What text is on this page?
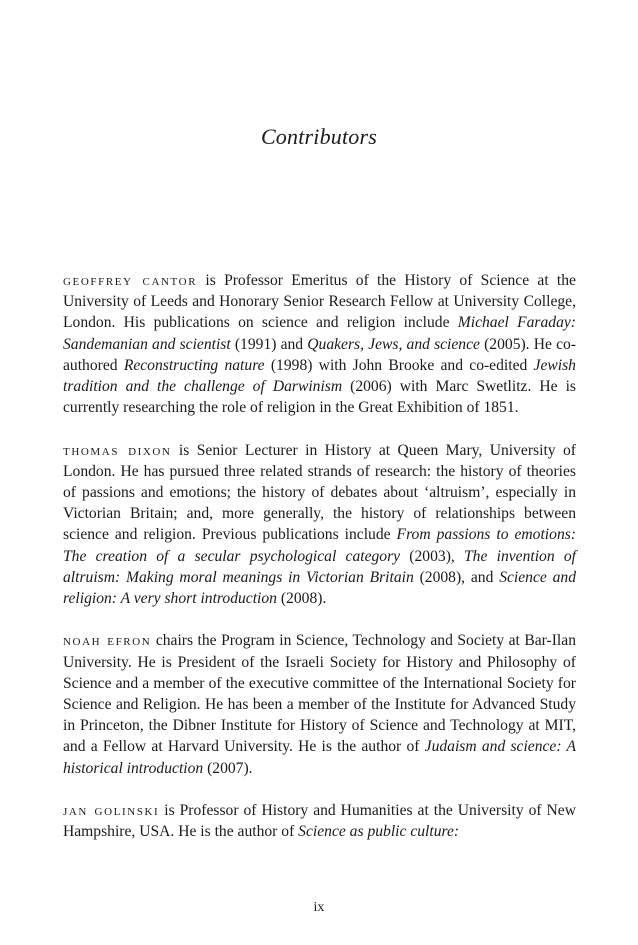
Contributors

geoffrey cantor is Professor Emeritus of the History of Science at the University of Leeds and Honorary Senior Research Fellow at University College, London. His publications on science and religion include Michael Faraday: Sandemanian and scientist (1991) and Quakers, Jews, and science (2005). He co-authored Reconstructing nature (1998) with John Brooke and co-edited Jewish tradition and the challenge of Darwinism (2006) with Marc Swetlitz. He is currently researching the role of religion in the Great Exhibition of 1851.

thomas dixon is Senior Lecturer in History at Queen Mary, University of London. He has pursued three related strands of research: the history of theories of passions and emotions; the history of debates about ‘altruism’, especially in Victorian Britain; and, more generally, the history of relationships between science and religion. Previous publications include From passions to emotions: The creation of a secular psychological category (2003), The invention of altruism: Making moral meanings in Victorian Britain (2008), and Science and religion: A very short introduction (2008).

noah efron chairs the Program in Science, Technology and Society at Bar-Ilan University. He is President of the Israeli Society for History and Philosophy of Science and a member of the executive committee of the International Society for Science and Religion. He has been a member of the Institute for Advanced Study in Princeton, the Dibner Institute for History of Science and Technology at MIT, and a Fellow at Harvard University. He is the author of Judaism and science: A historical introduction (2007).

jan golinski is Professor of History and Humanities at the University of New Hampshire, USA. He is the author of Science as public culture:

ix
